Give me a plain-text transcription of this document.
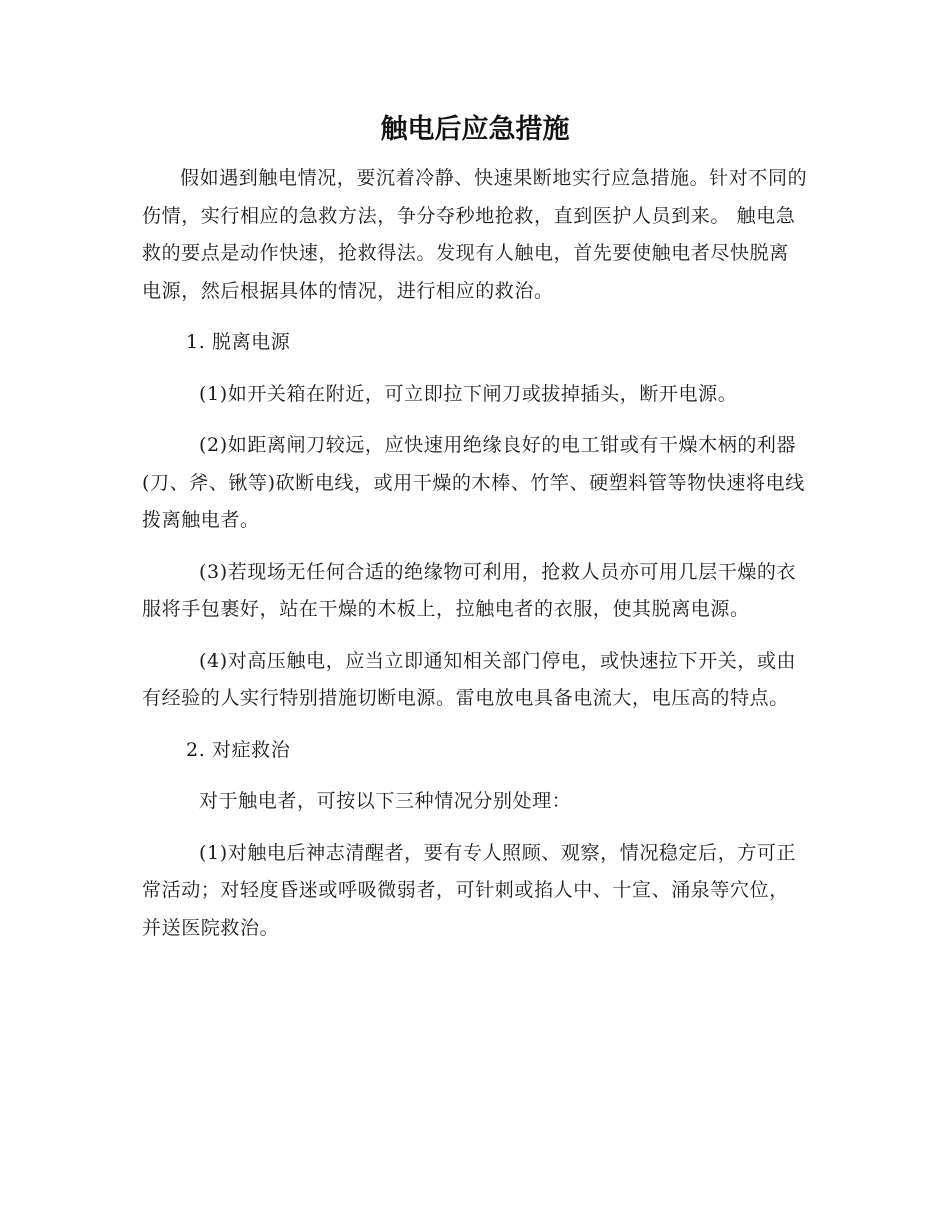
触电后应急措施

假如遇到触电情况，要沉着冷静、快速果断地实行应急措施。针对不同的伤情，实行相应的急救方法，争分夺秒地抢救，直到医护人员到来。 触电急救的要点是动作快速，抢救得法。发现有人触电，首先要使触电者尽快脱离电源，然后根据具体的情况，进行相应的救治。

1. 脱离电源

(1)如开关箱在附近，可立即拉下闸刀或拔掉插头，断开电源。

(2)如距离闸刀较远，应快速用绝缘良好的电工钳或有干燥木柄的利器(刀、斧、锹等)砍断电线，或用干燥的木棒、竹竿、硬塑料管等物快速将电线拨离触电者。

(3)若现场无任何合适的绝缘物可利用，抢救人员亦可用几层干燥的衣服将手包裹好，站在干燥的木板上，拉触电者的衣服，使其脱离电源。

(4)对高压触电，应当立即通知相关部门停电，或快速拉下开关，或由有经验的人实行特别措施切断电源。雷电放电具备电流大，电压高的特点。

2. 对症救治

对于触电者，可按以下三种情况分别处理：

(1)对触电后神志清醒者，要有专人照顾、观察，情况稳定后，方可正常活动；对轻度昏迷或呼吸微弱者，可针刺或掐人中、十宣、涌泉等穴位，并送医院救治。
